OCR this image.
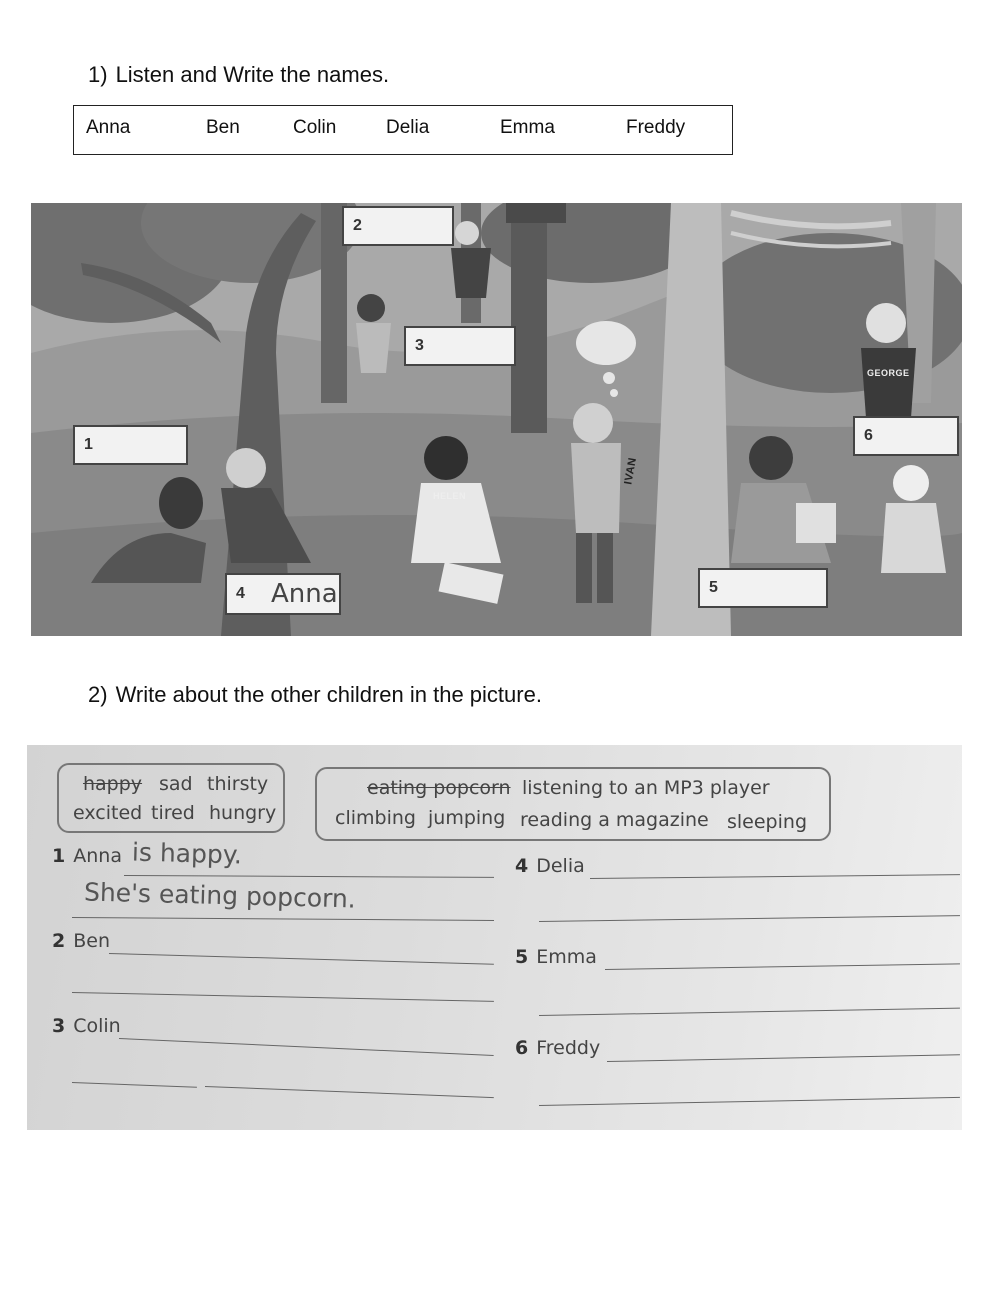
1) Listen and Write the names.
Anna	Ben	Colin	Delia	Emma	Freddy
HELEN
IVAN
GEORGE
1
2
3
4 Anna	5
6
2) Write about the other children in the picture.
happy sad thirsty
excited tired hungry
eating popcorn listening to an MP3 player
climbing jumping reading a magazine sleeping
1 Anna is happy.
She's eating popcorn.
2 Ben
3 Colin
4 Delia
5 Emma
6 Freddy
